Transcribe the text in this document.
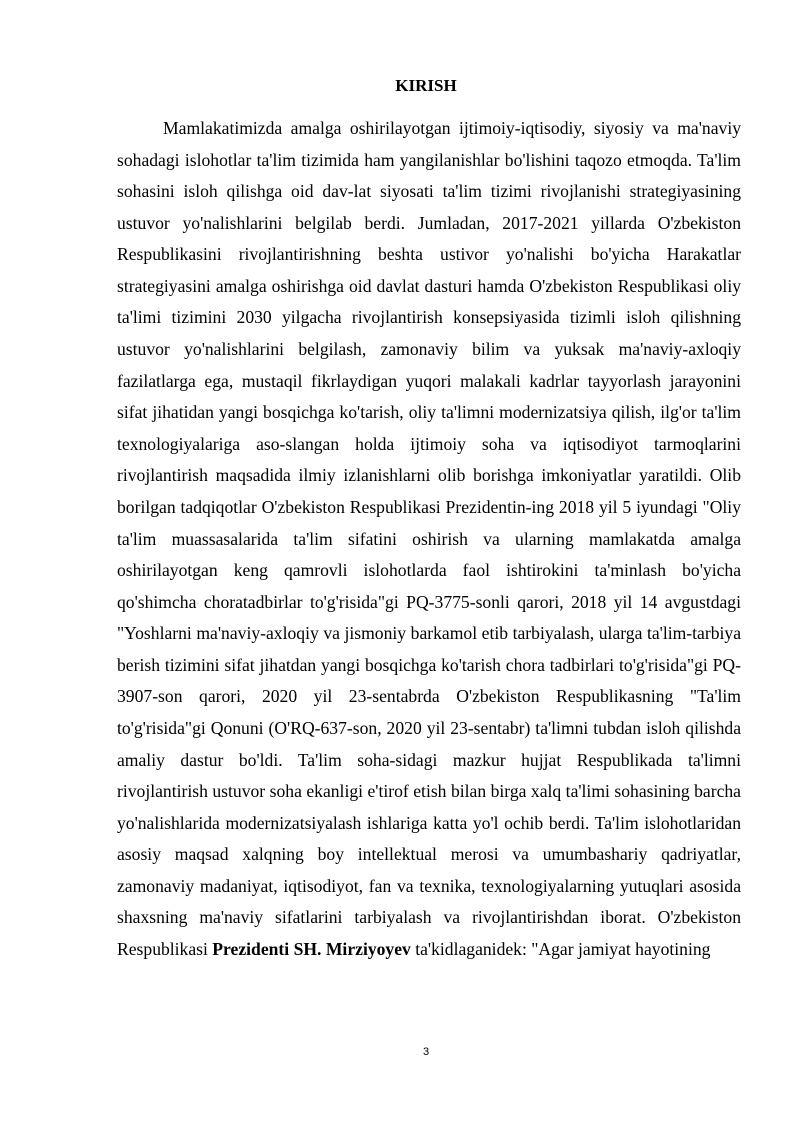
KIRISH

Mamlakatimizda amalga oshirilayotgan ijtimoiy-iqtisodiy, siyosiy va ma'naviy sohadagi islohotlar ta'lim tizimida ham yangilanishlar bo'lishini taqozo etmoqda. Ta'lim sohasini isloh qilishga oid dav-lat siyosati ta'lim tizimi rivojlanishi strategiyasining ustuvor yo'nalishlarini belgilab berdi. Jumladan, 2017-2021 yillarda O'zbekiston Respublikasini rivojlantirishning beshta ustivor yo'nalishi bo'yicha Harakatlar strategiyasini amalga oshirishga oid davlat dasturi hamda O'zbekiston Respublikasi oliy ta'limi tizimini 2030 yilgacha rivojlantirish konsepsiyasida tizimli isloh qilishning ustuvor yo'nalishlarini belgilash, zamonaviy bilim va yuksak ma'naviy-axloqiy fazilatlarga ega, mustaqil fikrlaydigan yuqori malakali kadrlar tayyorlash jarayonini sifat jihatidan yangi bosqichga ko'tarish, oliy ta'limni modernizatsiya qilish, ilg'or ta'lim texnologiyalariga aso-slangan holda ijtimoiy soha va iqtisodiyot tarmoqlarini rivojlantirish maqsadida ilmiy izlanishlarni olib borishga imkoniyatlar yaratildi. Olib borilgan tadqiqotlar O'zbekiston Respublikasi Prezidentin-ing 2018 yil 5 iyundagi "Oliy ta'lim muassasalarida ta'lim sifatini oshirish va ularning mamlakatda amalga oshirilayotgan keng qamrovli islohotlarda faol ishtirokini ta'minlash bo'yicha qo'shimcha choratadbirlar to'g'risida"gi PQ-3775-sonli qarori, 2018 yil 14 avgustdagi "Yoshlarni ma'naviy-axloqiy va jismoniy barkamol etib tarbiyalash, ularga ta'lim-tarbiya berish tizimini sifat jihatdan yangi bosqichga ko'tarish chora tadbirlari to'g'risida"gi PQ-3907-son qarori, 2020 yil 23-sentabrda O'zbekiston Respublikasning "Ta'lim to'g'risida"gi Qonuni (O'RQ-637-son, 2020 yil 23-sentabr) ta'limni tubdan isloh qilishda amaliy dastur bo'ldi. Ta'lim soha-sidagi mazkur hujjat Respublikada ta'limni rivojlantirish ustuvor soha ekanligi e'tirof etish bilan birga xalq ta'limi sohasining barcha yo'nalishlarida modernizatsiyalash ishlariga katta yo'l ochib berdi. Ta'lim islohotlaridan asosiy maqsad xalqning boy intellektual merosi va umumbashariy qadriyatlar, zamonaviy madaniyat, iqtisodiyot, fan va texnika, texnologiyalarning yutuqlari asosida shaxsning ma'naviy sifatlarini tarbiyalash va rivojlantirishdan iborat. O'zbekiston Respublikasi Prezidenti SH. Mirziyoyev ta'kidlaganidek: "Agar jamiyat hayotining

3
